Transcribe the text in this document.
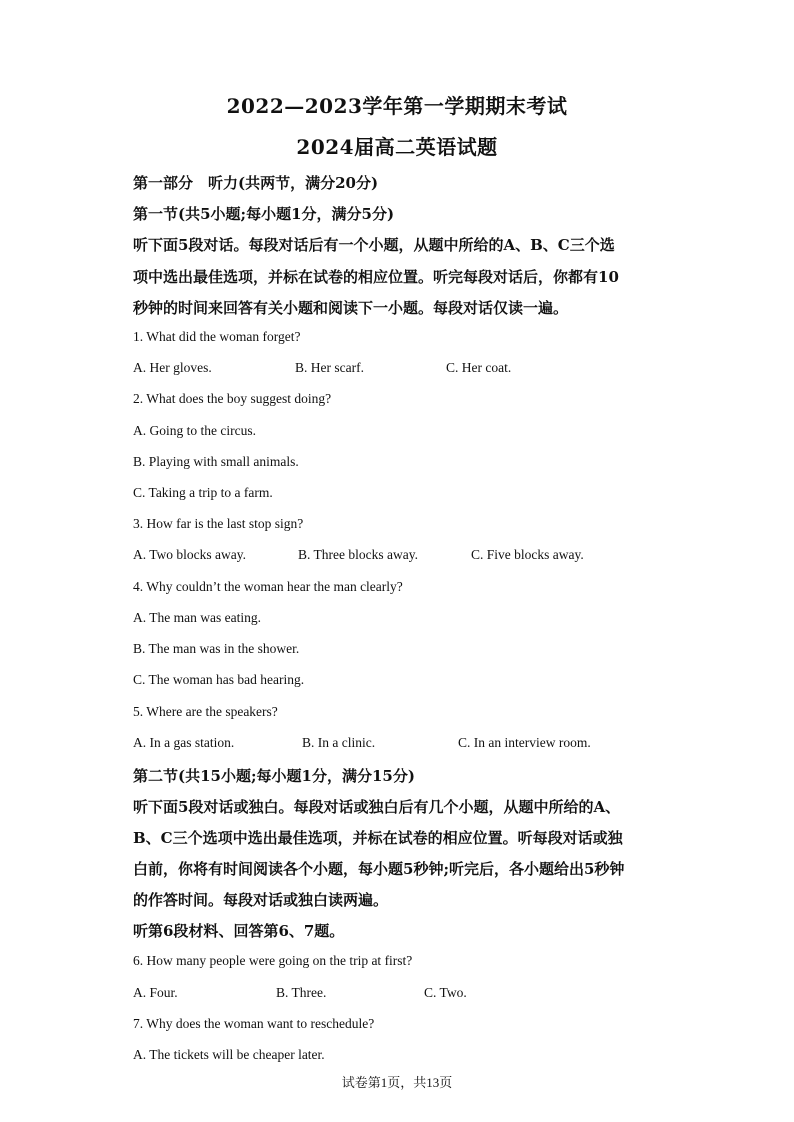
2022—2023学年第一学期期末考试
2024届高二英语试题
第一部分　听力(共两节，满分20分)
第一节(共5小题;每小题1分，满分5分)
听下面5段对话。每段对话后有一个小题，从题中所给的A、B、C三个选
项中选出最佳选项，并标在试卷的相应位置。听完每段对话后，你都有10
秒钟的时间来回答有关小题和阅读下一小题。每段对话仅读一遍。
1. What did the woman forget?
A. Her gloves.	B. Her scarf.	C. Her coat.
2. What does the boy suggest doing?
A. Going to the circus.
B. Playing with small animals.
C. Taking a trip to a farm.
3. How far is the last stop sign?
A. Two blocks away.	B. Three blocks away.	C. Five blocks away.
4. Why couldn’t the woman hear the man clearly?
A. The man was eating.
B. The man was in the shower.
C. The woman has bad hearing.
5. Where are the speakers?
A. In a gas station.	B. In a clinic.	C. In an interview room.
第二节(共15小题;每小题1分，满分15分)
听下面5段对话或独白。每段对话或独白后有几个小题，从题中所给的A、
B、C三个选项中选出最佳选项，并标在试卷的相应位置。听每段对话或独
白前，你将有时间阅读各个小题，每小题5秒钟;听完后，各小题给出5秒钟
的作答时间。每段对话或独白读两遍。
听第6段材料、回答第6、7题。
6. How many people were going on the trip at first?
A. Four.	B. Three.	C. Two.
7. Why does the woman want to reschedule?
A. The tickets will be cheaper later.
试卷第1页，共13页
